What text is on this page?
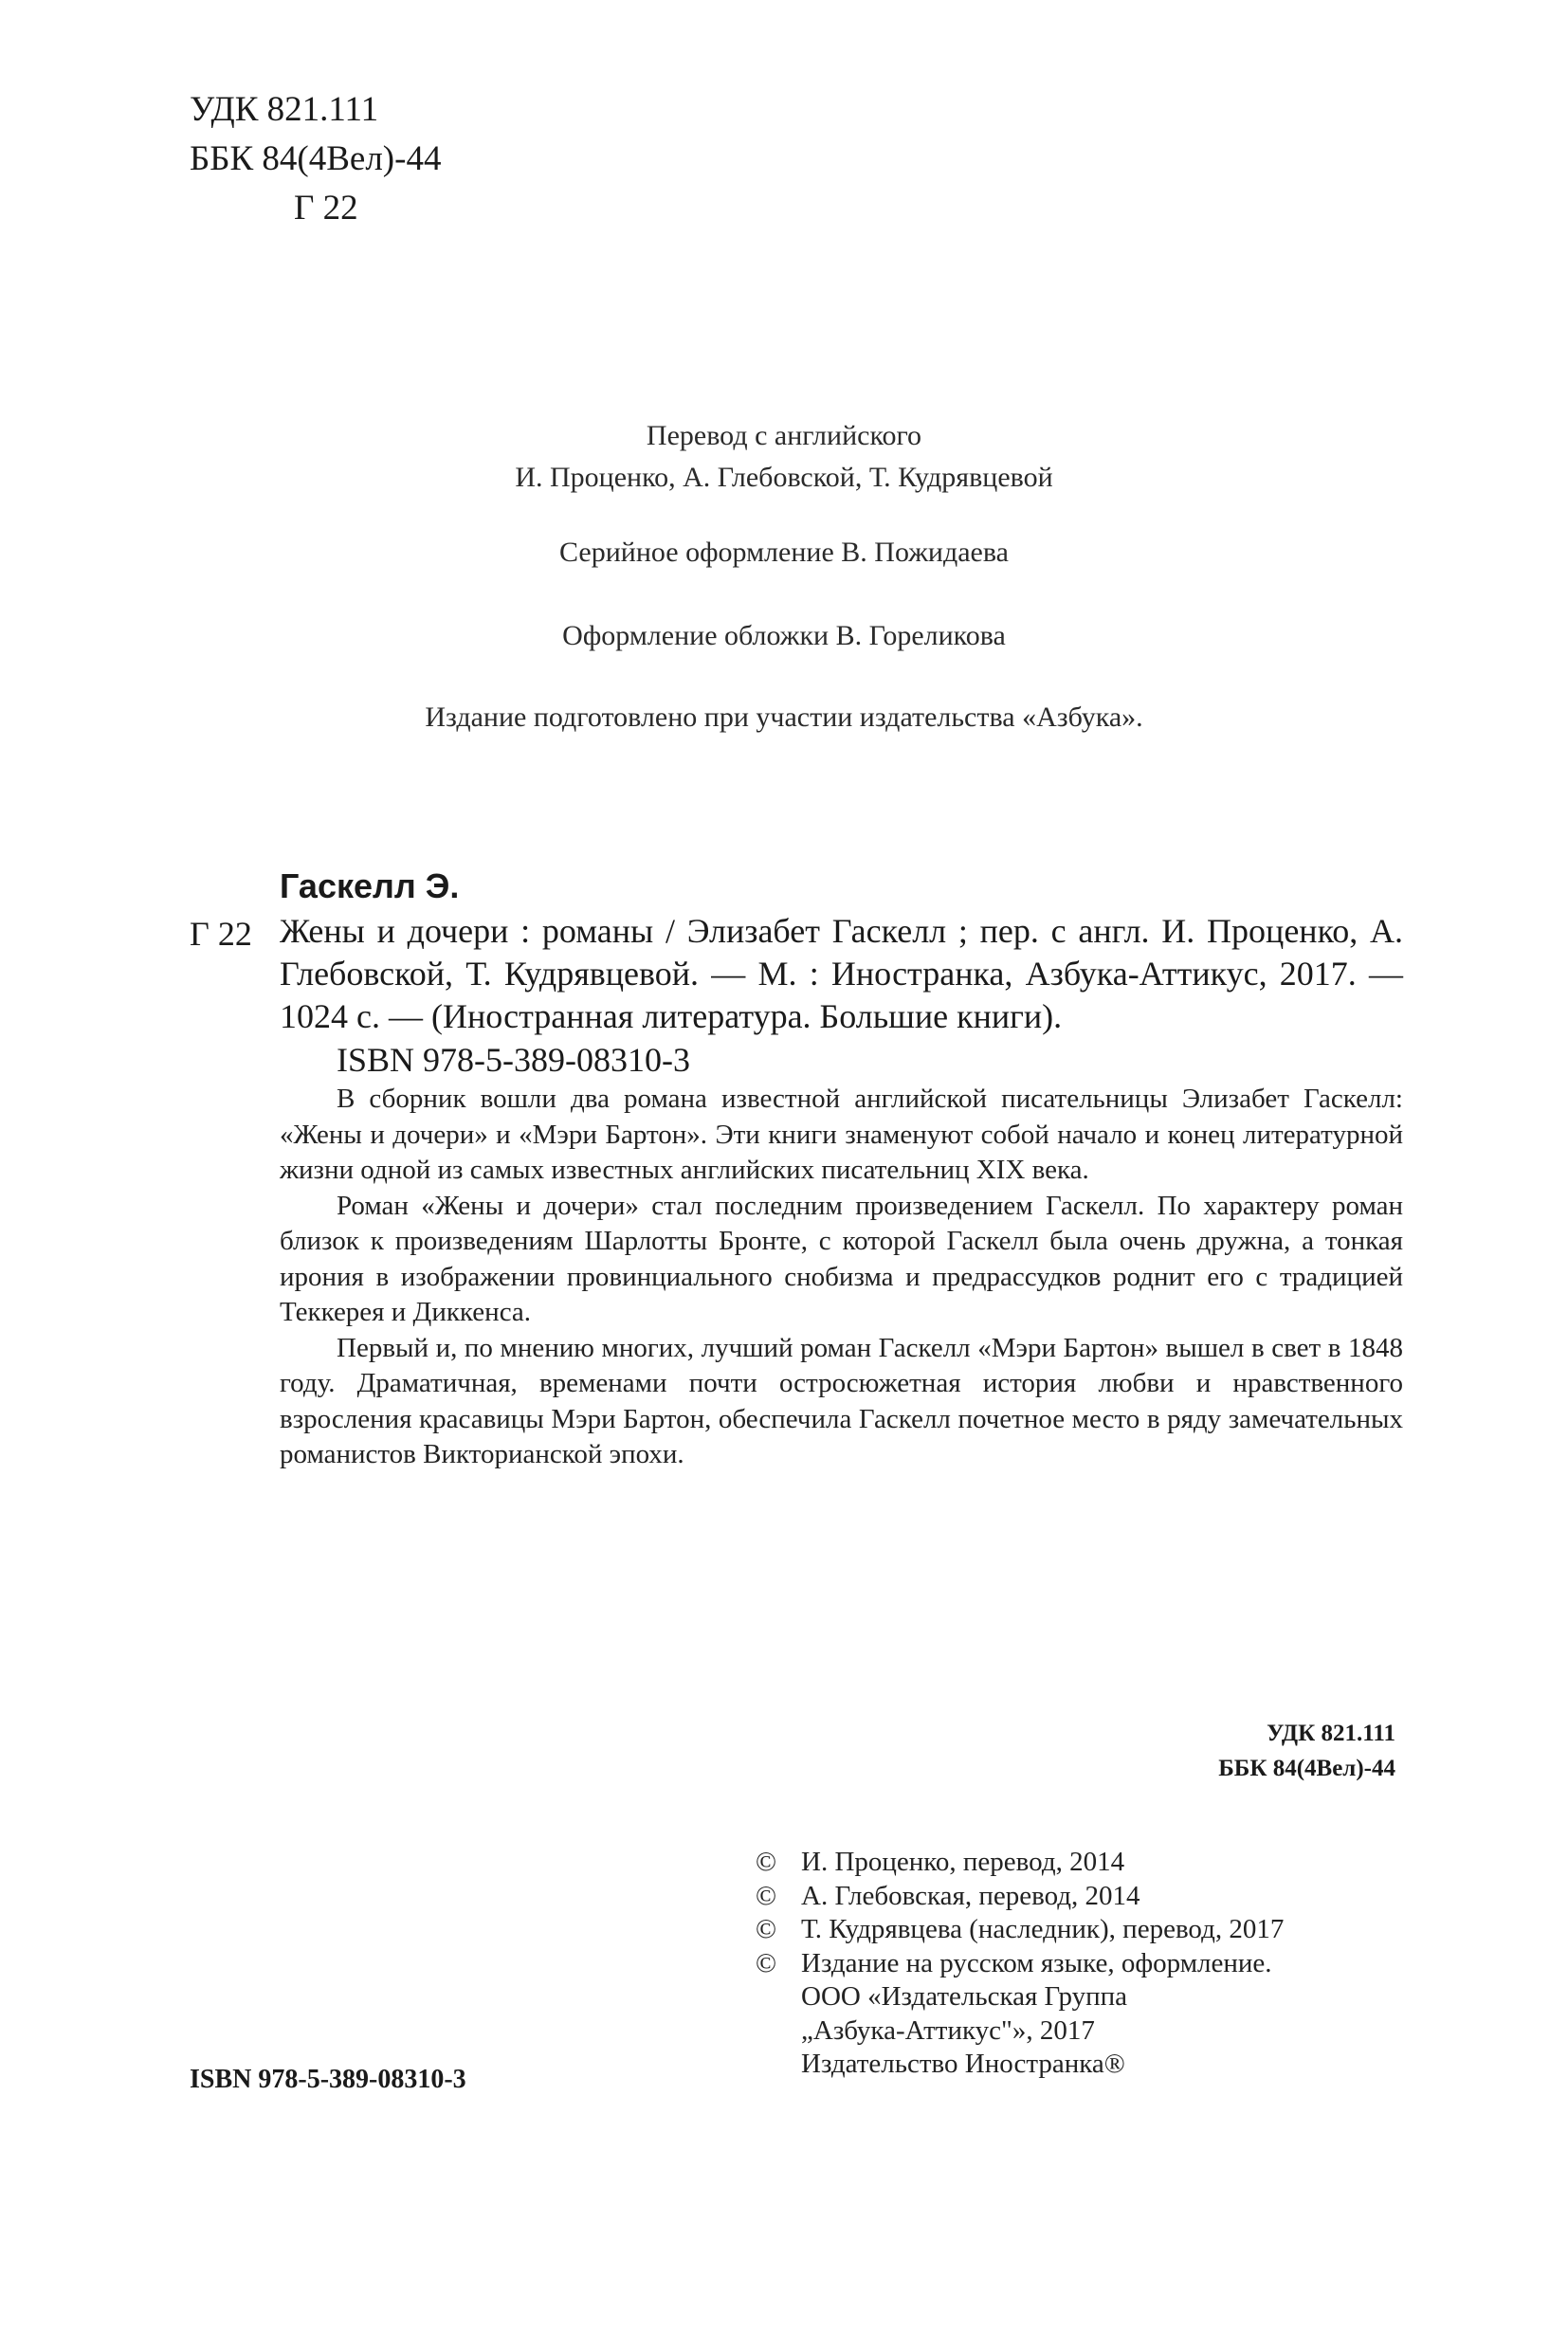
УДК 821.111
ББК 84(4Вел)-44
Г 22
Перевод с английского
И. Проценко, А. Глебовской, Т. Кудрявцевой
Серийное оформление В. Пожидаева
Оформление обложки В. Гореликова
Издание подготовлено при участии издательства «Азбука».
Гаскелл Э.
Г 22 Жены и дочери : романы / Элизабет Гаскелл ; пер. с англ. И. Проценко, А. Глебовской, Т. Кудрявцевой. — М. : Иностранка, Азбука-Аттикус, 2017. — 1024 с. — (Иностранная литература. Большие книги).
ISBN 978-5-389-08310-3

В сборник вошли два романа известной английской писательницы Элизабет Гаскелл: «Жены и дочери» и «Мэри Бартон». Эти книги знаменуют собой начало и конец литературной жизни одной из самых известных английских писательниц XIX века.

Роман «Жены и дочери» стал последним произведением Гаскелл. По характеру роман близок к произведениям Шарлотты Бронте, с которой Гаскелл была очень дружна, а тонкая ирония в изображении провинциального снобизма и предрассудков роднит его с традицией Теккерея и Диккенса.

Первый и, по мнению многих, лучший роман Гаскелл «Мэри Бартон» вышел в свет в 1848 году. Драматичная, временами почти остросюжетная история любви и нравственного взросления красавицы Мэри Бартон, обеспечила Гаскелл почетное место в ряду замечательных романистов Викторианской эпохи.

УДК 821.111
ББК 84(4Вел)-44
© И. Проценко, перевод, 2014
© А. Глебовская, перевод, 2014
© Т. Кудрявцева (наследник), перевод, 2017
© Издание на русском языке, оформление.
ООО «Издательская Группа
„Азбука-Аттикус"», 2017
Издательство Иностранка®
ISBN 978-5-389-08310-3
